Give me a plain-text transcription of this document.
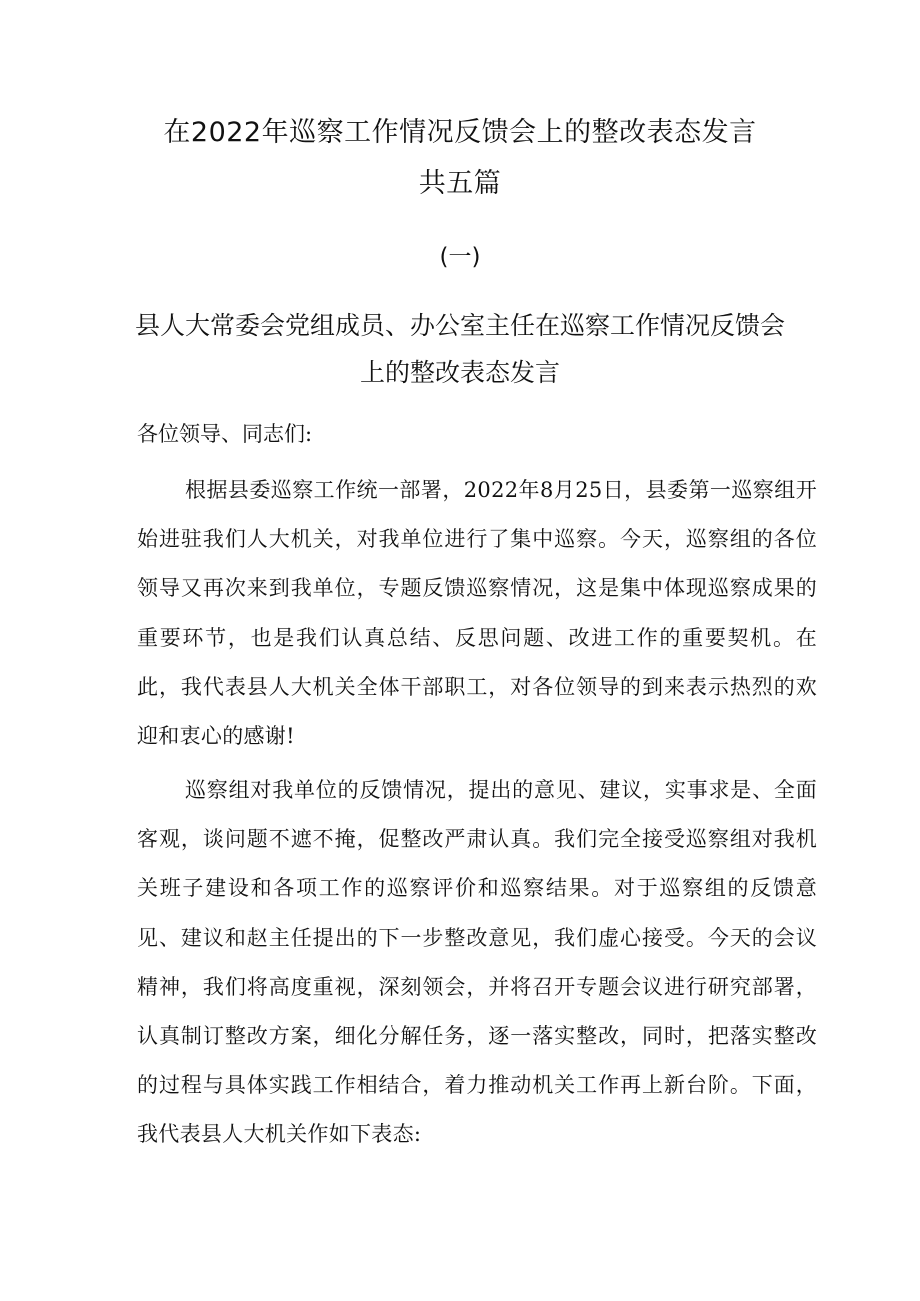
在2022年巡察工作情况反馈会上的整改表态发言
共五篇
(一)
县人大常委会党组成员、办公室主任在巡察工作情况反馈会
上的整改表态发言
各位领导、同志们:

根据县委巡察工作统一部署，2022年8月25日，县委第一巡察组开始进驻我们人大机关，对我单位进行了集中巡察。今天，巡察组的各位领导又再次来到我单位，专题反馈巡察情况，这是集中体现巡察成果的重要环节，也是我们认真总结、反思问题、改进工作的重要契机。在此，我代表县人大机关全体干部职工，对各位领导的到来表示热烈的欢迎和衷心的感谢!

巡察组对我单位的反馈情况，提出的意见、建议，实事求是、全面客观，谈问题不遮不掩，促整改严肃认真。我们完全接受巡察组对我机关班子建设和各项工作的巡察评价和巡察结果。对于巡察组的反馈意见、建议和赵主任提出的下一步整改意见，我们虚心接受。今天的会议精神，我们将高度重视，深刻领会，并将召开专题会议进行研究部署，认真制订整改方案，细化分解任务，逐一落实整改，同时，把落实整改的过程与具体实践工作相结合，着力推动机关工作再上新台阶。下面，我代表县人大机关作如下表态:
